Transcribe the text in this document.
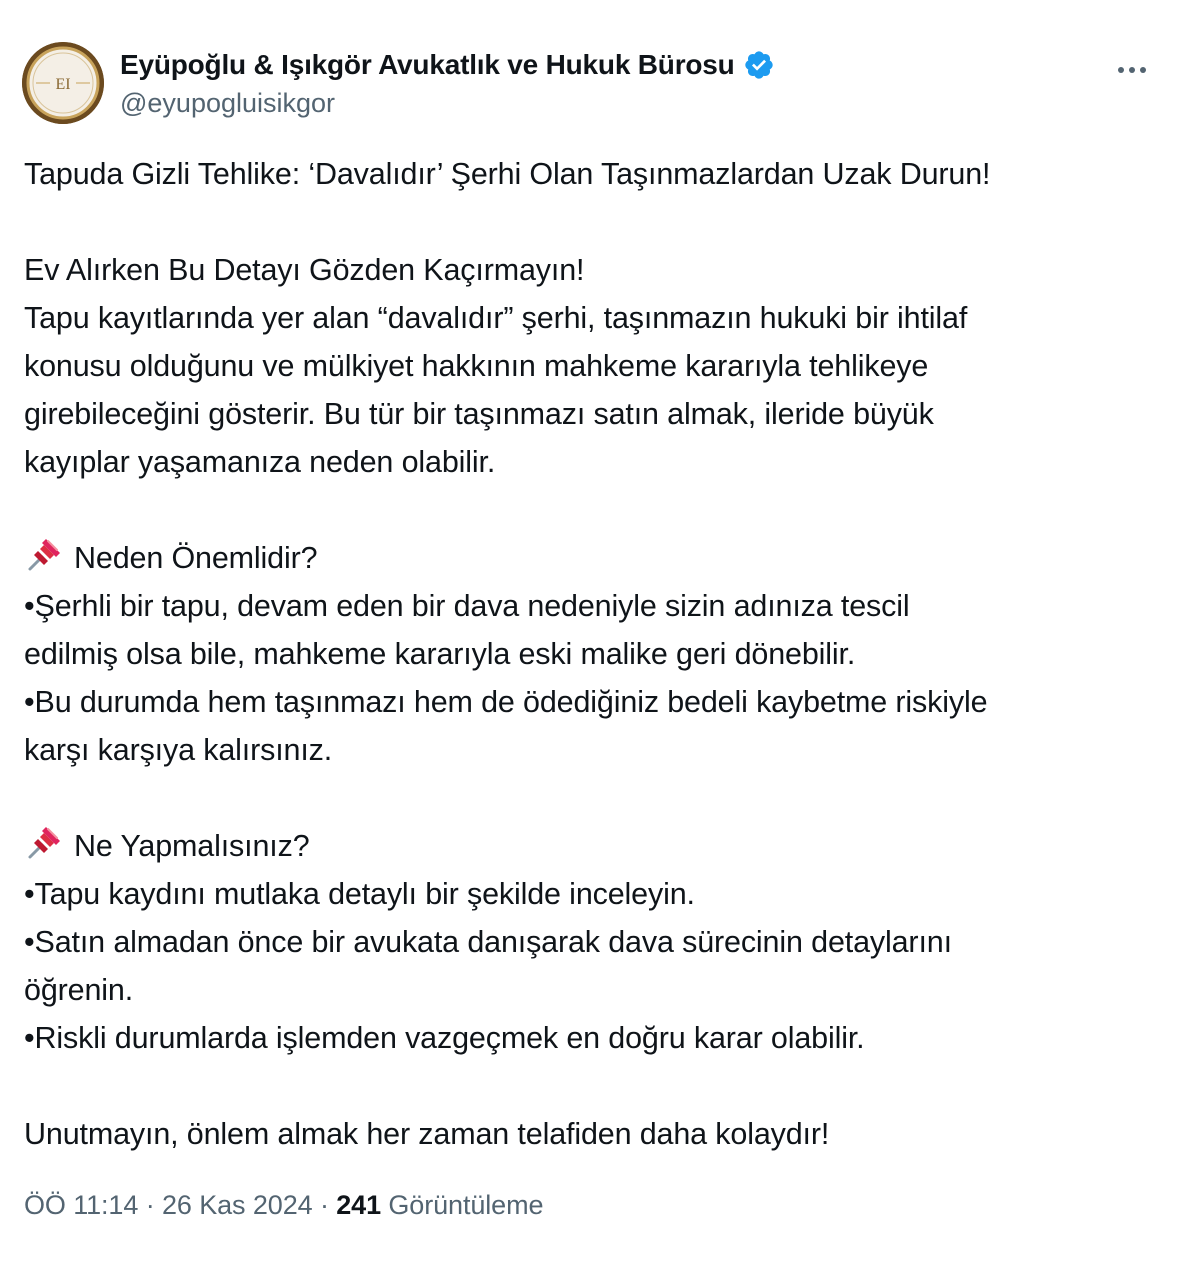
EI
Eyüpoğlu & Işıkgör Avukatlık ve Hukuk Bürosu
@eyupogluisikgor
Tapuda Gizli Tehlike: ‘Davalıdır’ Şerhi Olan Taşınmazlardan Uzak Durun!
Ev Alırken Bu Detayı Gözden Kaçırmayın!
Tapu kayıtlarında yer alan “davalıdır” şerhi, taşınmazın hukuki bir ihtilaf
konusu olduğunu ve mülkiyet hakkının mahkeme kararıyla tehlikeye
girebileceğini gösterir. Bu tür bir taşınmazı satın almak, ileride büyük
kayıplar yaşamanıza neden olabilir.
Neden Önemlidir?
•Şerhli bir tapu, devam eden bir dava nedeniyle sizin adınıza tescil
edilmiş olsa bile, mahkeme kararıyla eski malike geri dönebilir.
•Bu durumda hem taşınmazı hem de ödediğiniz bedeli kaybetme riskiyle
karşı karşıya kalırsınız.
Ne Yapmalısınız?
•Tapu kaydını mutlaka detaylı bir şekilde inceleyin.
•Satın almadan önce bir avukata danışarak dava sürecinin detaylarını
öğrenin.
•Riskli durumlarda işlemden vazgeçmek en doğru karar olabilir.
Unutmayın, önlem almak her zaman telafiden daha kolaydır!
ÖÖ 11:14 · 26 Kas 2024 · 241 Görüntüleme
